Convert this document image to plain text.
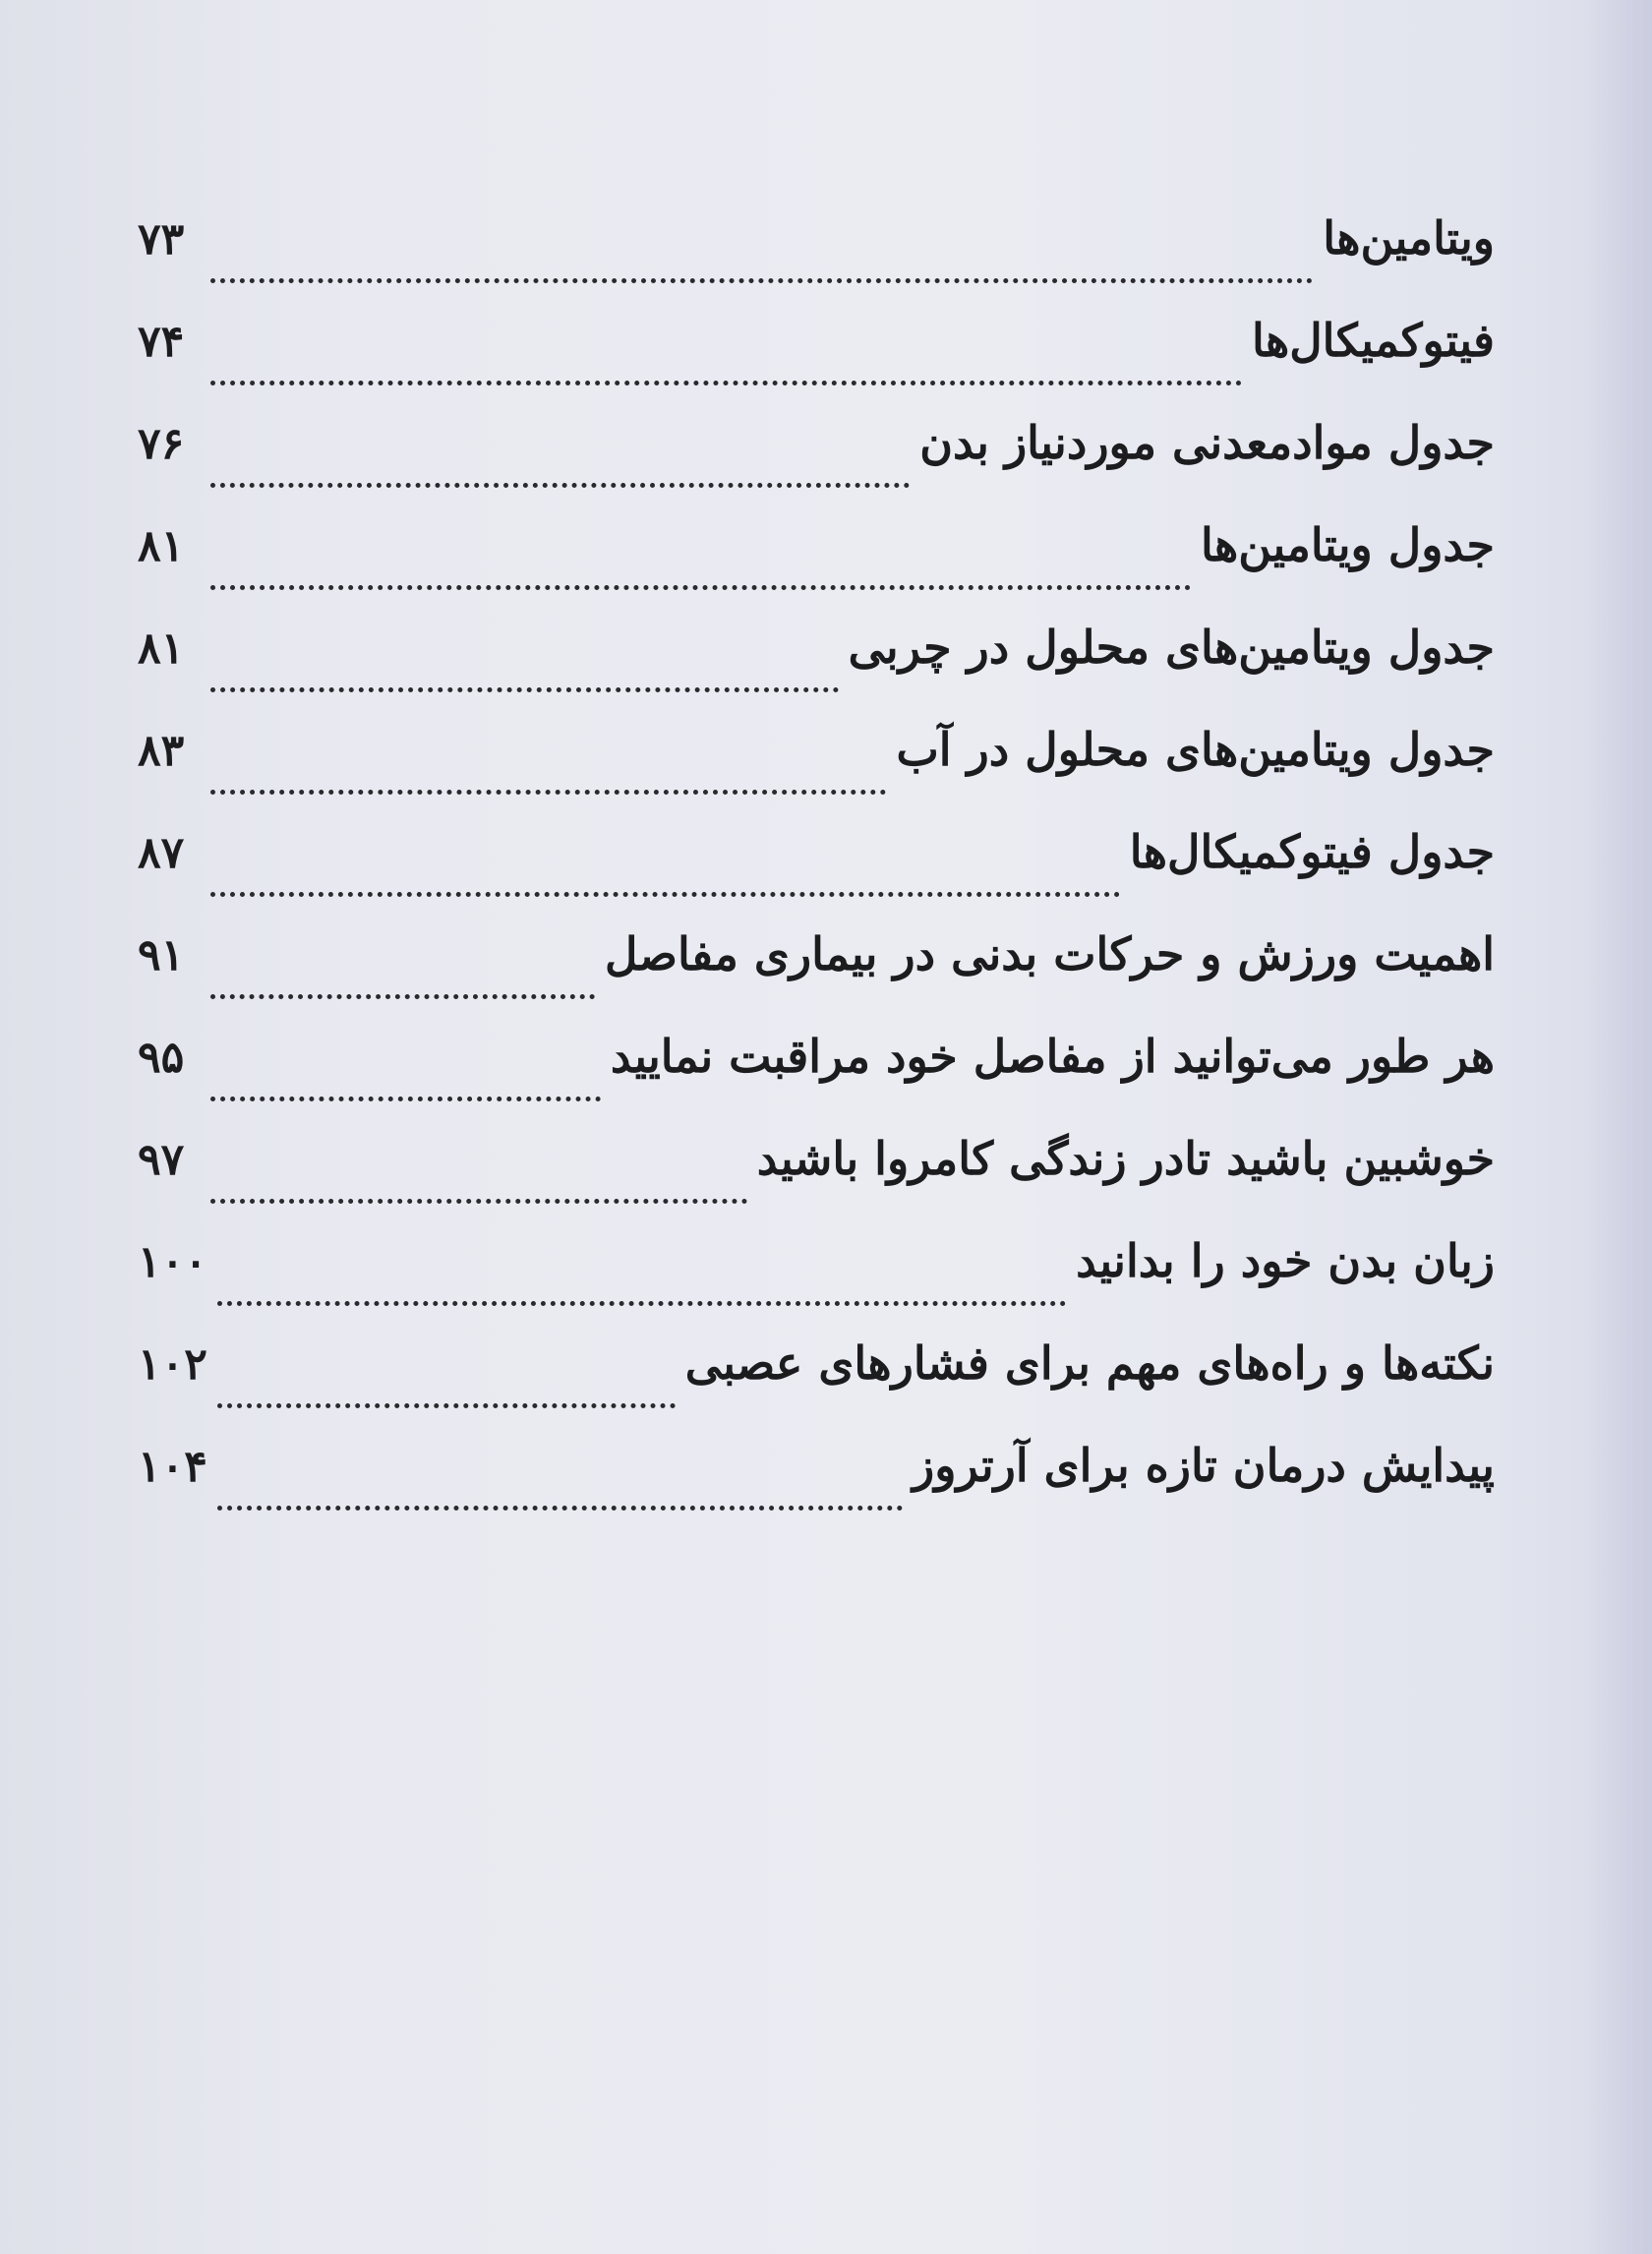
ویتامین‌ها
۷۳
فیتوکمیکال‌ها
۷۴
جدول موادمعدنی موردنیاز بدن
۷۶
جدول ویتامین‌ها
۸۱
جدول ویتامین‌های محلول در چربی
۸۱
جدول ویتامین‌های محلول در آب
۸۳
جدول فیتوکمیکال‌ها
۸۷
اهمیت ورزش و حرکات بدنی در بیماری مفاصل
۹۱
هر طور می‌توانید از مفاصل خود مراقبت نمایید
۹۵
خوشبین باشید تادر زندگی کامروا باشید
۹۷
زبان بدن خود را بدانید
۱۰۰
نکته‌ها و راه‌های مهم برای فشارهای عصبی
۱۰۲
پیدایش درمان تازه برای آرتروز
۱۰۴
